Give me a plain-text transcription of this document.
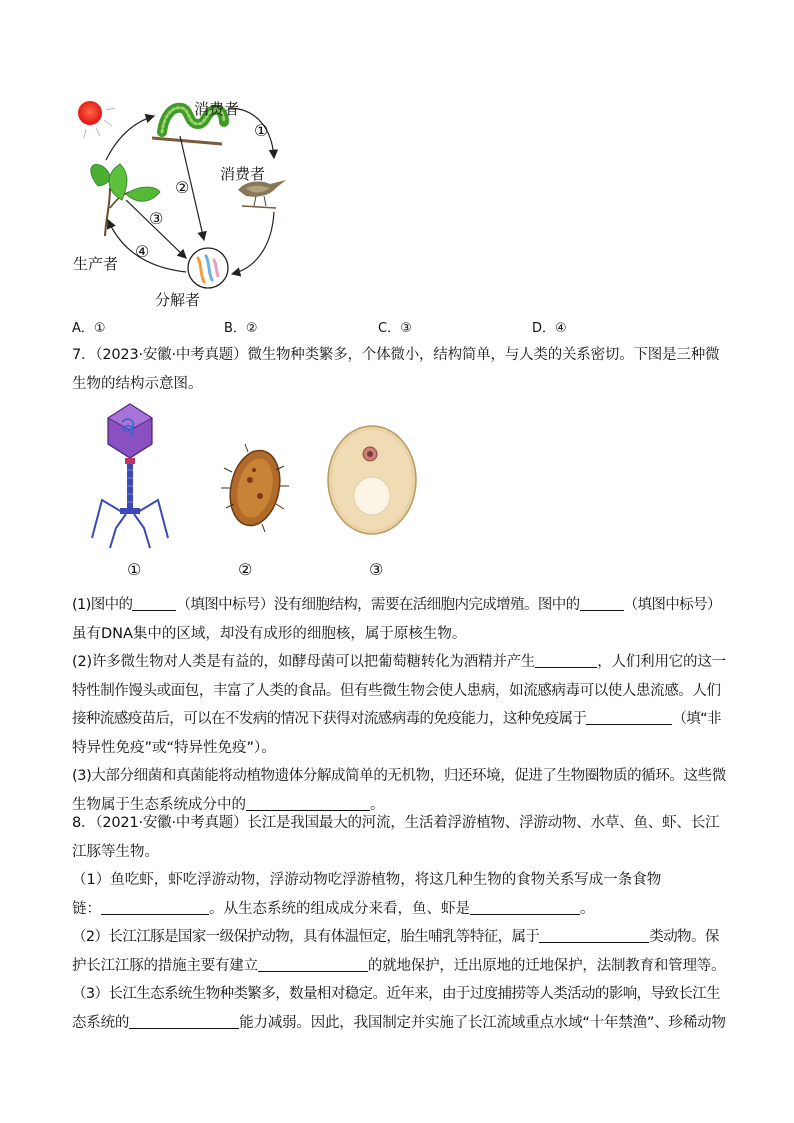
消费者
消费者
生产者
分解者
①
②
③
④
A．①	B．②	C．③	D．④
7．（2023·安徽·中考真题）微生物种类繁多，个体微小，结构简单，与人类的关系密切。下图是三种微
生物的结构示意图。
①	②	③
(1)图中的	（填图中标号）没有细胞结构，需要在活细胞内完成增殖。图中的	（填图中标号）
虽有DNA集中的区域，却没有成形的细胞核，属于原核生物。
(2)许多微生物对人类是有益的，如酵母菌可以把葡萄糖转化为酒精并产生	，人们利用它的这一
特性制作馒头或面包，丰富了人类的食品。但有些微生物会使人患病，如流感病毒可以使人患流感。人们
接种流感疫苗后，可以在不发病的情况下获得对流感病毒的免疫能力，这种免疫属于	（填“非
特异性免疫”或“特异性免疫”）。
(3)大部分细菌和真菌能将动植物遗体分解成简单的无机物，归还环境，促进了生物圈物质的循环。这些微
生物属于生态系统成分中的	。
8．（2021·安徽·中考真题）长江是我国最大的河流，生活着浮游植物、浮游动物、水草、鱼、虾、长江
江豚等生物。
（1）鱼吃虾，虾吃浮游动物，浮游动物吃浮游植物，将这几种生物的食物关系写成一条食物
链：	。从生态系统的组成成分来看，鱼、虾是	。
（2）长江江豚是国家一级保护动物，具有体温恒定，胎生哺乳等特征，属于	类动物。保
护长江江豚的措施主要有建立	的就地保护，迁出原地的迁地保护，法制教育和管理等。
（3）长江生态系统生物种类繁多，数量相对稳定。近年来，由于过度捕捞等人类活动的影响，导致长江生
态系统的	能力减弱。因此，我国制定并实施了长江流域重点水域“十年禁渔”、珍稀动物
